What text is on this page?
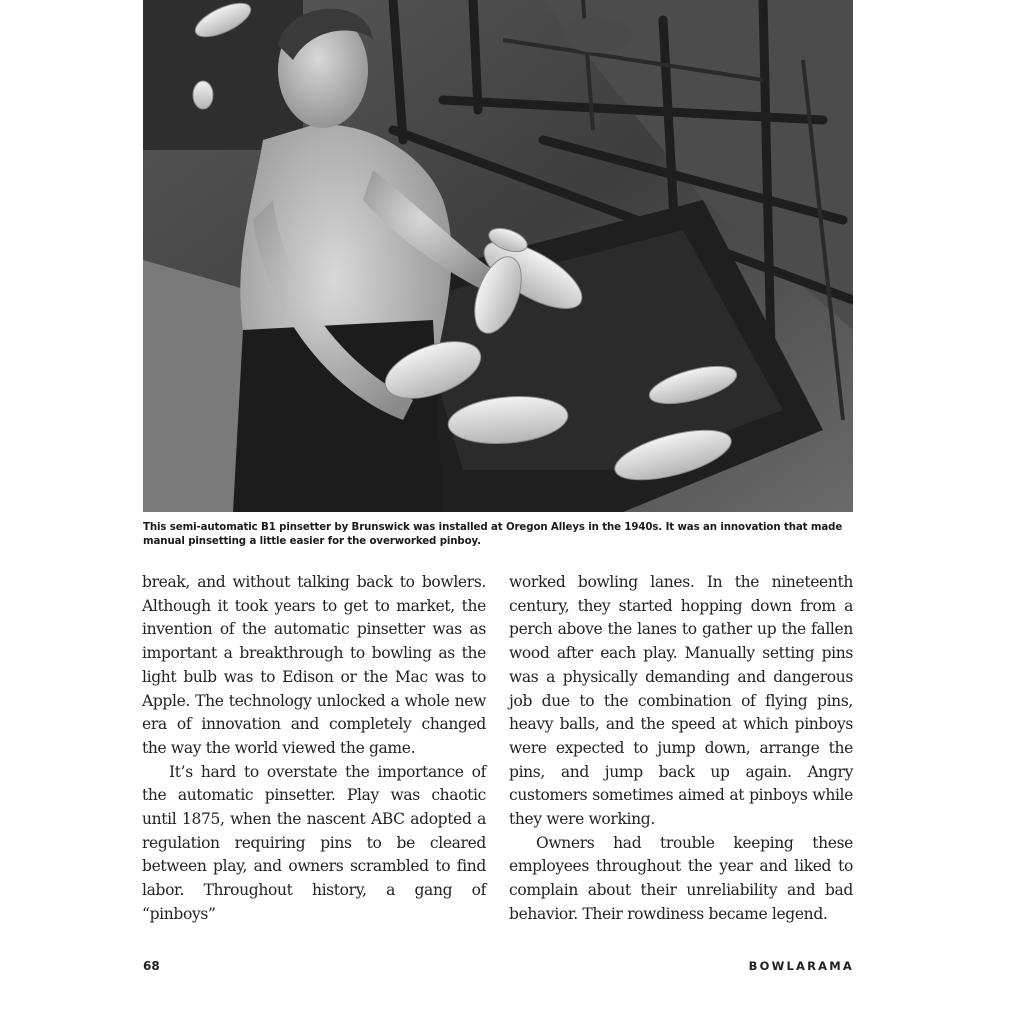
This semi-automatic B1 pinsetter by Brunswick was installed at Oregon Alleys in the 1940s. It was an innovation that made manual pinsetting a little easier for the overworked pinboy.

break, and without talking back to bowlers. Although it took years to get to market, the invention of the automatic pinsetter was as important a breakthrough to bowling as the light bulb was to Edison or the Mac was to Apple. The technology unlocked a whole new era of innovation and completely changed the way the world viewed the game.

It’s hard to overstate the importance of the automatic pinsetter. Play was chaotic until 1875, when the nascent ABC adopted a regulation requiring pins to be cleared between play, and owners scrambled to find labor. Throughout history, a gang of “pinboys”

worked bowling lanes. In the nineteenth century, they started hopping down from a perch above the lanes to gather up the fallen wood after each play. Manually setting pins was a physically demanding and dangerous job due to the combination of flying pins, heavy balls, and the speed at which pinboys were expected to jump down, arrange the pins, and jump back up again. Angry customers sometimes aimed at pinboys while they were working.

Owners had trouble keeping these employees throughout the year and liked to complain about their unreliability and bad behavior. Their rowdiness became legend.

68	BOWLARAMA
